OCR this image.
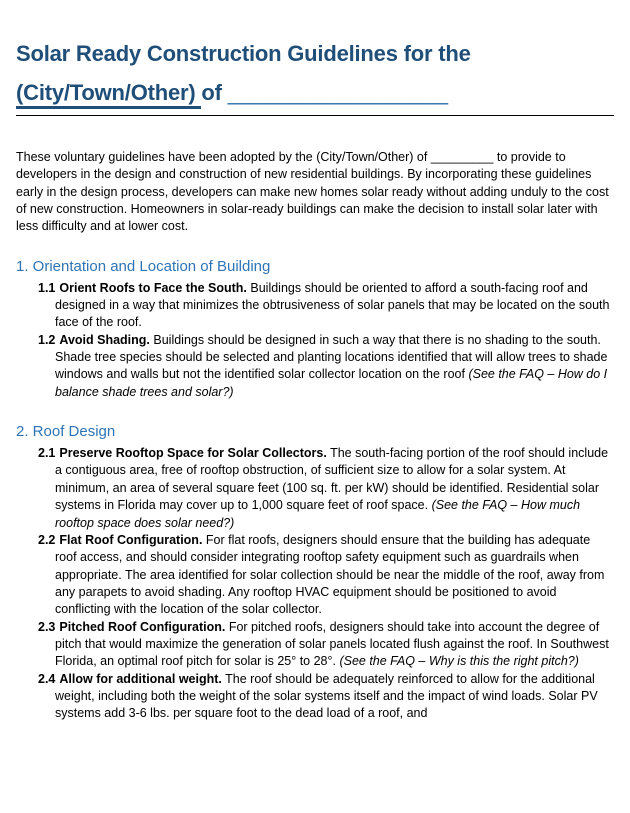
Solar Ready Construction Guidelines for the
(City/Town/Other) of __________________

These voluntary guidelines have been adopted by the (City/Town/Other) of _________ to provide to developers in the design and construction of new residential buildings. By incorporating these guidelines early in the design process, developers can make new homes solar ready without adding unduly to the cost of new construction. Homeowners in solar-ready buildings can make the decision to install solar later with less difficulty and at lower cost.

1. Orientation and Location of Building
1.1 Orient Roofs to Face the South. Buildings should be oriented to afford a south-facing roof and designed in a way that minimizes the obtrusiveness of solar panels that may be located on the south face of the roof.
1.2 Avoid Shading. Buildings should be designed in such a way that there is no shading to the south. Shade tree species should be selected and planting locations identified that will allow trees to shade windows and walls but not the identified solar collector location on the roof (See the FAQ – How do I balance shade trees and solar?)
2. Roof Design
2.1 Preserve Rooftop Space for Solar Collectors. The south-facing portion of the roof should include a contiguous area, free of rooftop obstruction, of sufficient size to allow for a solar system. At minimum, an area of several square feet (100 sq. ft. per kW) should be identified. Residential solar systems in Florida may cover up to 1,000 square feet of roof space. (See the FAQ – How much rooftop space does solar need?)
2.2 Flat Roof Configuration. For flat roofs, designers should ensure that the building has adequate roof access, and should consider integrating rooftop safety equipment such as guardrails when appropriate. The area identified for solar collection should be near the middle of the roof, away from any parapets to avoid shading. Any rooftop HVAC equipment should be positioned to avoid conflicting with the location of the solar collector.
2.3 Pitched Roof Configuration. For pitched roofs, designers should take into account the degree of pitch that would maximize the generation of solar panels located flush against the roof. In Southwest Florida, an optimal roof pitch for solar is 25° to 28°. (See the FAQ – Why is this the right pitch?)
2.4 Allow for additional weight. The roof should be adequately reinforced to allow for the additional weight, including both the weight of the solar systems itself and the impact of wind loads. Solar PV systems add 3-6 lbs. per square foot to the dead load of a roof, and
